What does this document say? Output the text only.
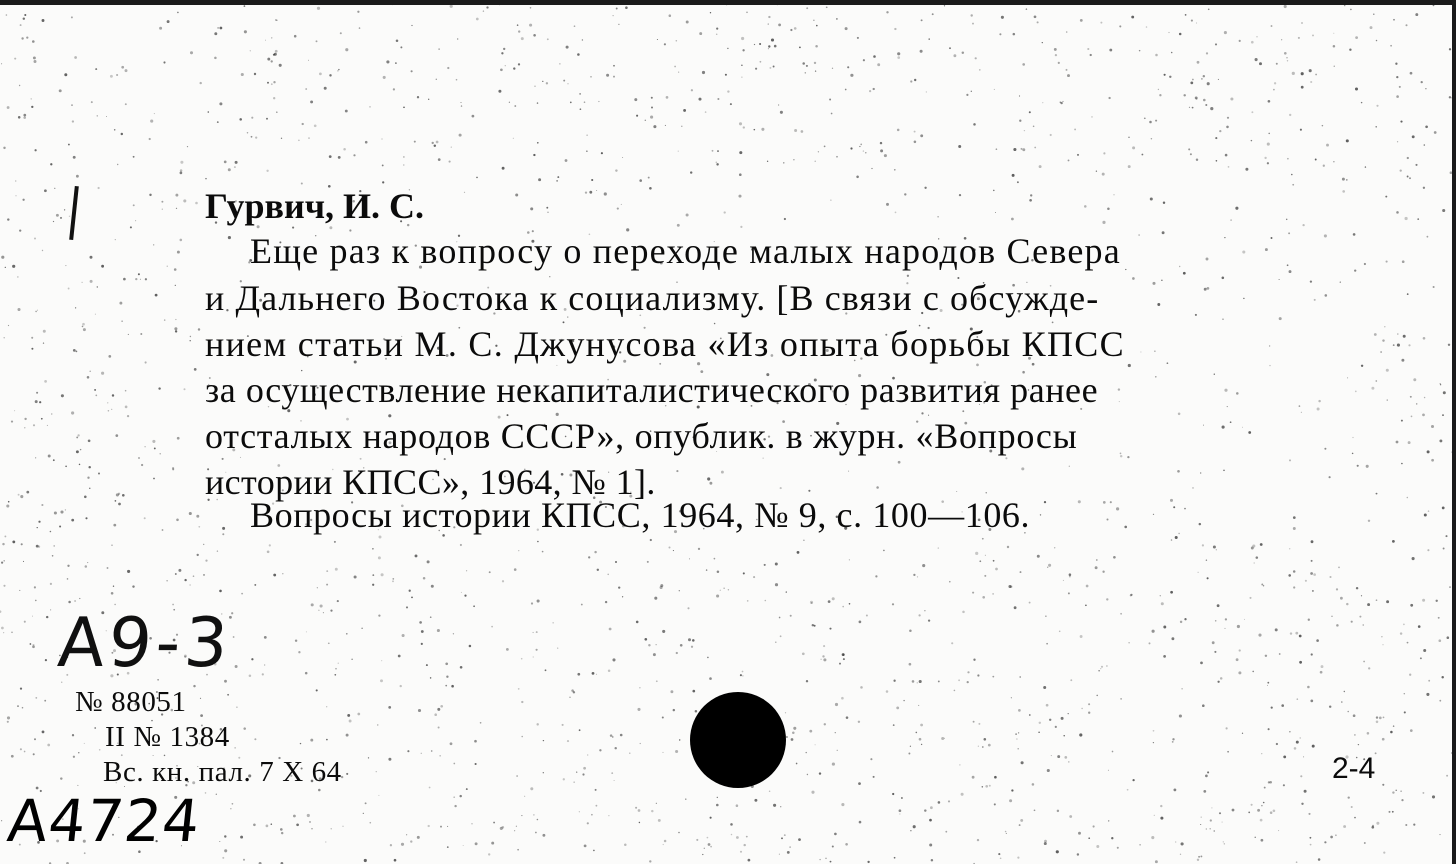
Гурвич, И. С.
Еще раз к вопросу о переходе малых народов Севера
и Дальнего Востока к социализму. [В связи с обсужде-
нием статьи М. С. Джунусова «Из опыта борьбы КПСС
за осуществление некапиталистического развития ранее
отсталых народов СССР», опублик. в журн. «Вопросы
истории КПСС», 1964, № 1].
Вопросы истории КПСС, 1964, № 9, с. 100—106.
А9-3
№ 88051
II № 1384
Вс. кн. пал. 7 X 64
А4724
2-4
